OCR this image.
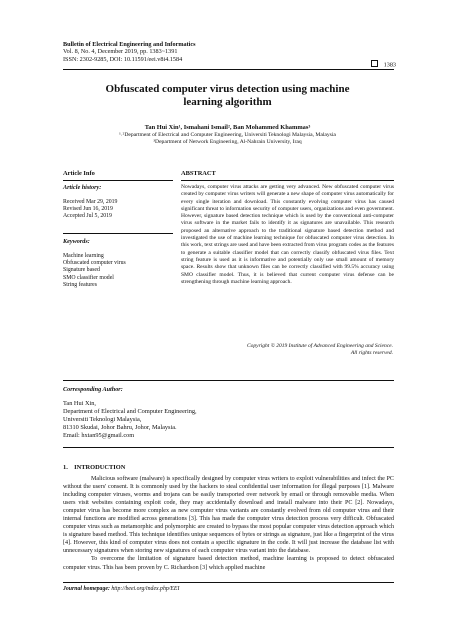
Bulletin of Electrical Engineering and Informatics
Vol. 8, No. 4, December 2019, pp. 1383~1391
ISSN: 2302-9285, DOI: 10.11591/eei.v8i4.1584
1383
Obfuscated computer virus detection using machine
learning algorithm
Tan Hui Xin¹, Ismahani Ismail², Ban Mohammed Khammas³
¹˒²Department of Electrical and Computer Engineering, Universiti Teknologi Malaysia, Malaysia
³Department of Network Engineering, Al-Nahrain University, Iraq
Article Info
Article history:
Received Mar 29, 2019
Revised Jun 16, 2019
Accepted Jul 5, 2019
Keywords:
Machine learning
Obfuscated computer virus
Signature based
SMO classifier model
String features
ABSTRACT
Nowadays, computer virus attacks are getting very advanced. New obfuscated computer virus created by computer virus writers will generate a new shape of computer virus automatically for every single iteration and download. This constantly evolving computer virus has caused significant threat to information security of computer users, organizations and even government. However, signature based detection technique which is used by the conventional anti-computer virus software in the market fails to identify it as signatures are unavailable. This research proposed an alternative approach to the traditional signature based detection method and investigated the use of machine learning technique for obfuscated computer virus detection. In this work, text strings are used and have been extracted from virus program codes as the features to generate a suitable classifier model that can correctly classify obfuscated virus files. Text string feature is used as it is informative and potentially only use small amount of memory space. Results show that unknown files can be correctly classified with 99.5% accuracy using SMO classifier model. Thus, it is believed that current computer virus defense can be strengthening through machine learning approach.
Copyright © 2019 Institute of Advanced Engineering and Science.
All rights reserved.
Corresponding Author:
Tan Hui Xin,
Department of Electrical and Computer Engineering,
Universiti Teknologi Malaysia,
81310 Skudai, Johor Bahru, Johor, Malaysia.
Email: hxtan95@gmail.com
1.    INTRODUCTION

Malicious software (malware) is specifically designed by computer virus writers to exploit vulnerabilities and infect the PC without the users' consent. It is commonly used by the hackers to steal confidential user information for illegal purposes [1]. Malware including computer viruses, worms and trojans can be easily transported over network by email or through removable media. When users visit websites containing exploit code, they may accidentally download and install malware into their PC [2]. Nowadays, computer virus has become more complex as new computer virus variants are constantly evolved from old computer virus and their internal functions are modified across generations [3]. This has made the computer virus detection process very difficult. Obfuscated computer virus such as metamorphic and polymorphic are created to bypass the most popular computer virus detection approach which is signature based method. This technique identifies unique sequences of bytes or strings as signature, just like a fingerprint of the virus [4]. However, this kind of computer virus does not contain a specific signature in the code. It will just increase the database list with unnecessary signatures when storing new signatures of each computer virus variant into the database.

To overcome the limitation of signature based detection method, machine learning is proposed to detect obfuscated computer virus. This has been proven by C. Richardson [3] which applied machine

Journal homepage: http://beei.org/index.php/EEI
